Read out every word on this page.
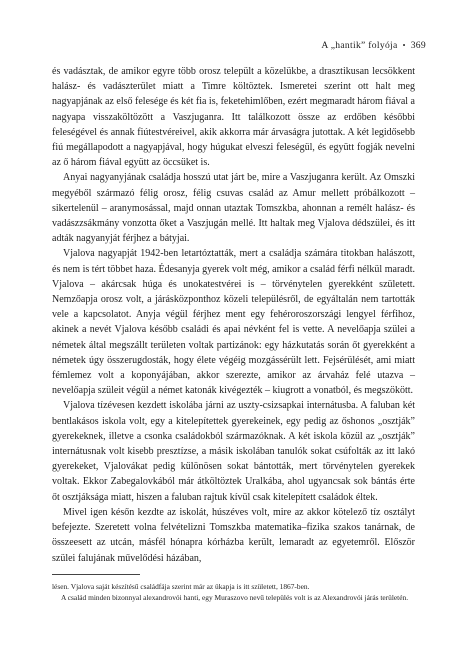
A „hantik” folyója • 369

és vadásztak, de amikor egyre több orosz települt a közelükbe, a drasztikusan lecsökkent halász- és vadászterület miatt a Timre költöztek. Ismeretei szerint ott halt meg nagyapjának az első felesége és két fia is, feketehimlőben, ezért megmaradt három fiával a nagyapa visszaköltözött a Vaszjuganra. Itt találkozott össze az erdőben későbbi feleségével és annak fiútestvéreivel, akik akkorra már árvaságra jutottak. A két legidősebb fiú megállapodott a nagyapjával, hogy húgukat elveszi feleségül, és együtt fogják nevelni az ő három fiával együtt az öccsüket is.

Anyai nagyanyjának családja hosszú utat járt be, mire a Vaszjuganra került. Az Omszki megyéből származó félig orosz, félig csuvas család az Amur mellett próbálkozott – sikertelenül – aranymosással, majd onnan utaztak Tomszkba, ahonnan a remélt halász- és vadászzsákmány vonzotta őket a Vaszjugán mellé. Itt haltak meg Vjalova dédszülei, és itt adták nagyanyját férjhez a bátyjai.

Vjalova nagyapját 1942-ben letartóztatták, mert a családja számára titokban halászott, és nem is tért többet haza. Édesanyja gyerek volt még, amikor a család férfi nélkül maradt. Vjalova – akárcsak húga és unokatestvérei is – törvénytelen gyerekként született. Nemzőapja orosz volt, a járásközponthoz közeli településről, de egyáltalán nem tartották vele a kapcsolatot. Anyja végül férjhez ment egy fehéroroszországi lengyel férfihoz, akinek a nevét Vjalova később családi és apai névként fel is vette. A nevelőapja szülei a németek által megszállt területen voltak partizánok: egy házkutatás során őt gyerekként a németek úgy összerugdosták, hogy élete végéig mozgássérült lett. Fejsérülését, ami miatt fémlemez volt a koponyájában, akkor szerezte, amikor az árvaház felé utazva – nevelőapja szüleit végül a német katonák kivégezték – kiugrott a vonatból, és megszökött.

Vjalova tízévesen kezdett iskolába járni az uszty-csizsapkai internátusba. A faluban két bentlakásos iskola volt, egy a kitelepítettek gyerekeinek, egy pedig az őshonos „osztják” gyerekeknek, illetve a csonka családokból származóknak. A két iskola közül az „osztják” internátusnak volt kisebb presztízse, a másik iskolában tanulók sokat csúfolták az itt lakó gyerekeket, Vjalovákat pedig különösen sokat bántották, mert törvénytelen gyerekek voltak. Ekkor Zabegalovkából már átköltöztek Uralkába, ahol ugyancsak sok bántás érte őt osztjáksága miatt, hiszen a faluban rajtuk kívül csak kitelepített családok éltek.

Mivel igen későn kezdte az iskolát, húszéves volt, mire az akkor kötelező tíz osztályt befejezte. Szeretett volna felvételizni Tomszkba matematika–fizika szakos tanárnak, de összeesett az utcán, másfél hónapra kórházba került, lemaradt az egyetemről. Először szülei falujának művelődési házában,

lésen. Vjalova saját készítésű családfája szerint már az ükapja is itt született, 1867-ben.

A család minden bizonnyal alexandrovói hanti, egy Muraszovo nevű település volt is az Alexandrovói járás területén.
